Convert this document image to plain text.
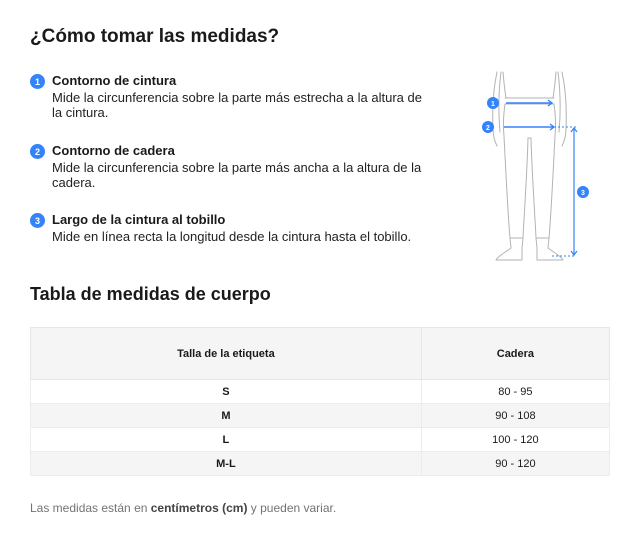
¿Cómo tomar las medidas?
1 Contorno de cintura
Mide la circunferencia sobre la parte más estrecha a la altura de la cintura.
2 Contorno de cadera
Mide la circunferencia sobre la parte más ancha a la altura de la cadera.
3 Largo de la cintura al tobillo
Mide en línea recta la longitud desde la cintura hasta el tobillo.
1
2
3
Tabla de medidas de cuerpo
Talla de la etiqueta	Cadera
S	80 - 95
M	90 - 108
L	100 - 120
M-L	90 - 120
Las medidas están en centímetros (cm) y pueden variar.
